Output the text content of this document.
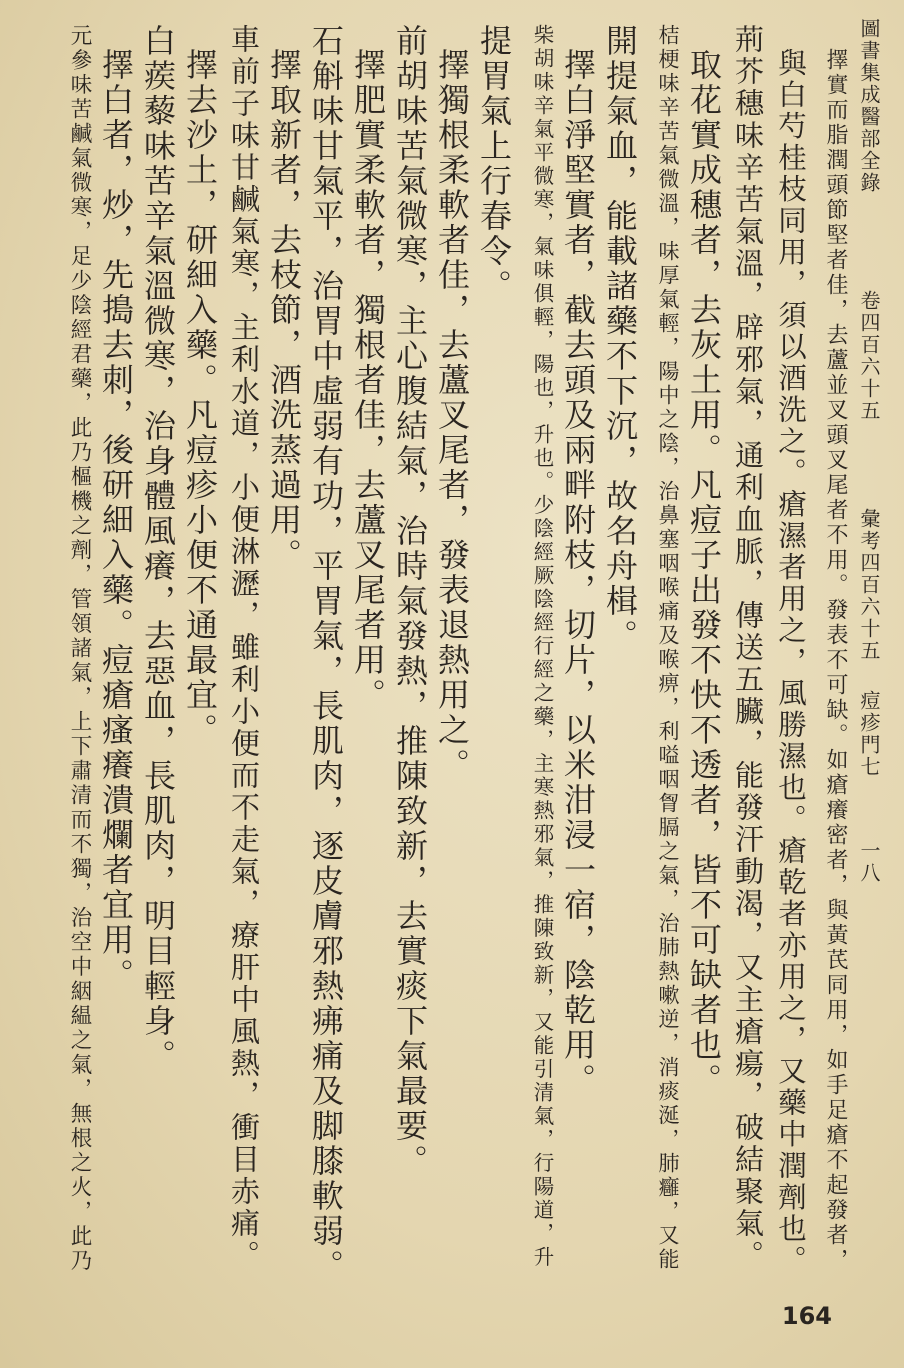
圖書集成醫部全錄
卷四百六十五
彙考四百六十五
痘疹門七
一八
擇實而脂潤頭節堅者佳，去蘆並叉頭叉尾者不用。發表不可缺。如瘡癢密者，與黃芪同用，如手足瘡不起發者，
與白芍桂枝同用，須以酒洗之。瘡濕者用之，風勝濕也。瘡乾者亦用之，又藥中潤劑也。
荊芥穗味辛苦氣溫，辟邪氣，通利血脈，傳送五臟，能發汗動渴，又主瘡瘍，破結聚氣。
取花實成穗者，去灰土用。凡痘子出發不快不透者，皆不可缺者也。
桔梗味辛苦氣微溫，味厚氣輕，陽中之陰，治鼻塞咽喉痛及喉痹，利嗌咽胷膈之氣，治肺熱嗽逆，消痰涎，肺癰，又能
開提氣血，能載諸藥不下沉，故名舟楫。
擇白淨堅實者，截去頭及兩畔附枝，切片，以米泔浸一宿，陰乾用。
柴胡味辛氣平微寒，氣味俱輕，陽也，升也。少陰經厥陰經行經之藥，主寒熱邪氣，推陳致新，又能引清氣，行陽道，升
提胃氣上行春令。
擇獨根柔軟者佳，去蘆叉尾者，發表退熱用之。
前胡味苦氣微寒，主心腹結氣，治時氣發熱，推陳致新，去實痰下氣最要。
擇肥實柔軟者，獨根者佳，去蘆叉尾者用。
石斛味甘氣平，治胃中虛弱有功，平胃氣，長肌肉，逐皮膚邪熱疿痛及脚膝軟弱。
擇取新者，去枝節，酒洗蒸過用。
車前子味甘鹹氣寒，主利水道，小便淋瀝，雖利小便而不走氣，療肝中風熱，衝目赤痛。
擇去沙土，研細入藥。凡痘疹小便不通最宜。
白蒺藜味苦辛氣溫微寒，治身體風癢，去惡血，長肌肉，明目輕身。
擇白者，炒，先搗去刺，後研細入藥。痘瘡瘙癢潰爛者宜用。
元參味苦鹹氣微寒，足少陰經君藥，此乃樞機之劑，管領諸氣，上下肅清而不獨，治空中絪緼之氣，無根之火，此乃
164
